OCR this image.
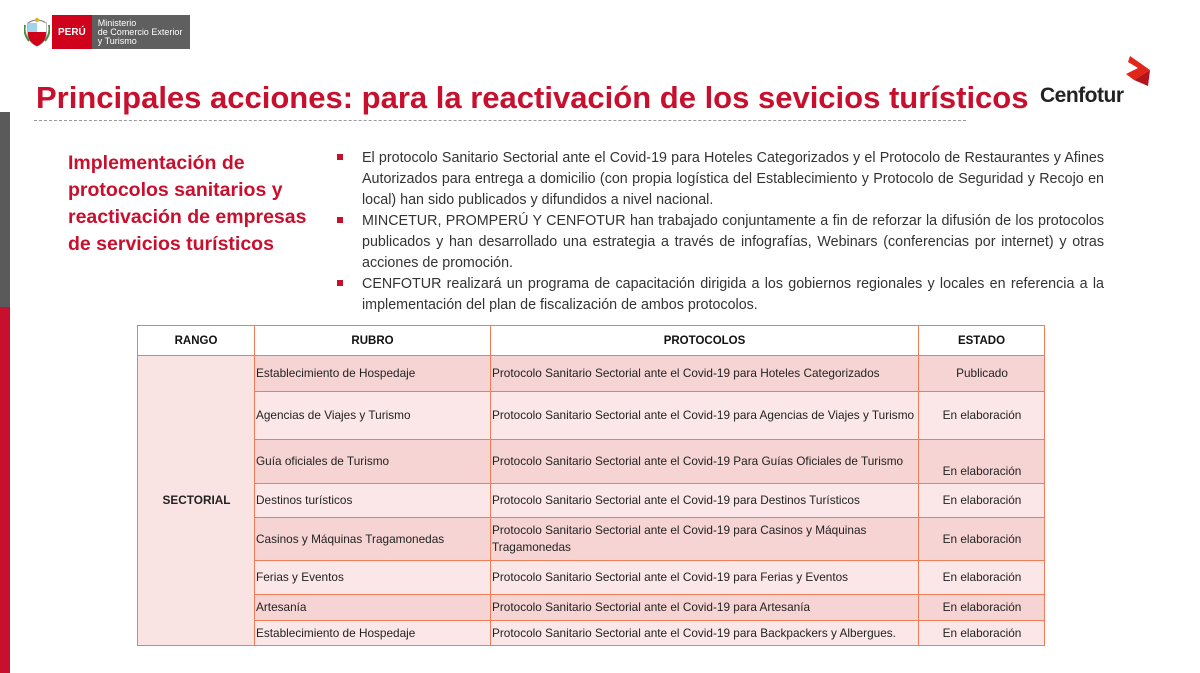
PERÚ
Ministerio
de Comercio Exterior
y Turismo
Cenfotur
Principales acciones: para la reactivación de los sevicios turísticos
Implementación de protocolos sanitarios y reactivación de empresas de servicios turísticos
El protocolo Sanitario Sectorial ante el Covid-19 para Hoteles Categorizados y el Protocolo de Restaurantes y Afines Autorizados para entrega a domicilio (con propia logística del Establecimiento y Protocolo de Seguridad y Recojo en local) han sido publicados y difundidos a nivel nacional.
MINCETUR, PROMPERÚ Y CENFOTUR han trabajado conjuntamente a fin de reforzar la difusión de los protocolos publicados y han desarrollado una estrategia a través de infografías, Webinars (conferencias por internet) y otras acciones de promoción.
CENFOTUR realizará un programa de capacitación dirigida a los gobiernos regionales y locales en referencia a la implementación del plan de fiscalización de ambos protocolos.
RANGO	RUBRO	PROTOCOLOS	ESTADO
SECTORIAL	Establecimiento de Hospedaje	Protocolo Sanitario Sectorial ante el Covid-19 para Hoteles Categorizados	Publicado
	Agencias de Viajes y Turismo	Protocolo Sanitario Sectorial ante el Covid-19 para Agencias de Viajes y Turismo	En elaboración
	Guía oficiales de Turismo	Protocolo Sanitario Sectorial ante el Covid-19 Para Guías Oficiales de Turismo	En elaboración
	Destinos turísticos	Protocolo Sanitario Sectorial ante el Covid-19 para Destinos Turísticos	En elaboración
	Casinos y Máquinas Tragamonedas	Protocolo Sanitario Sectorial ante el Covid-19 para Casinos y Máquinas Tragamonedas	En elaboración
	Ferias y Eventos	Protocolo Sanitario Sectorial ante el Covid-19 para Ferias y Eventos	En elaboración
	Artesanía	Protocolo Sanitario Sectorial ante el Covid-19 para Artesanía	En elaboración
	Establecimiento de Hospedaje	Protocolo Sanitario Sectorial ante el Covid-19 para Backpackers y Albergues.	En elaboración
